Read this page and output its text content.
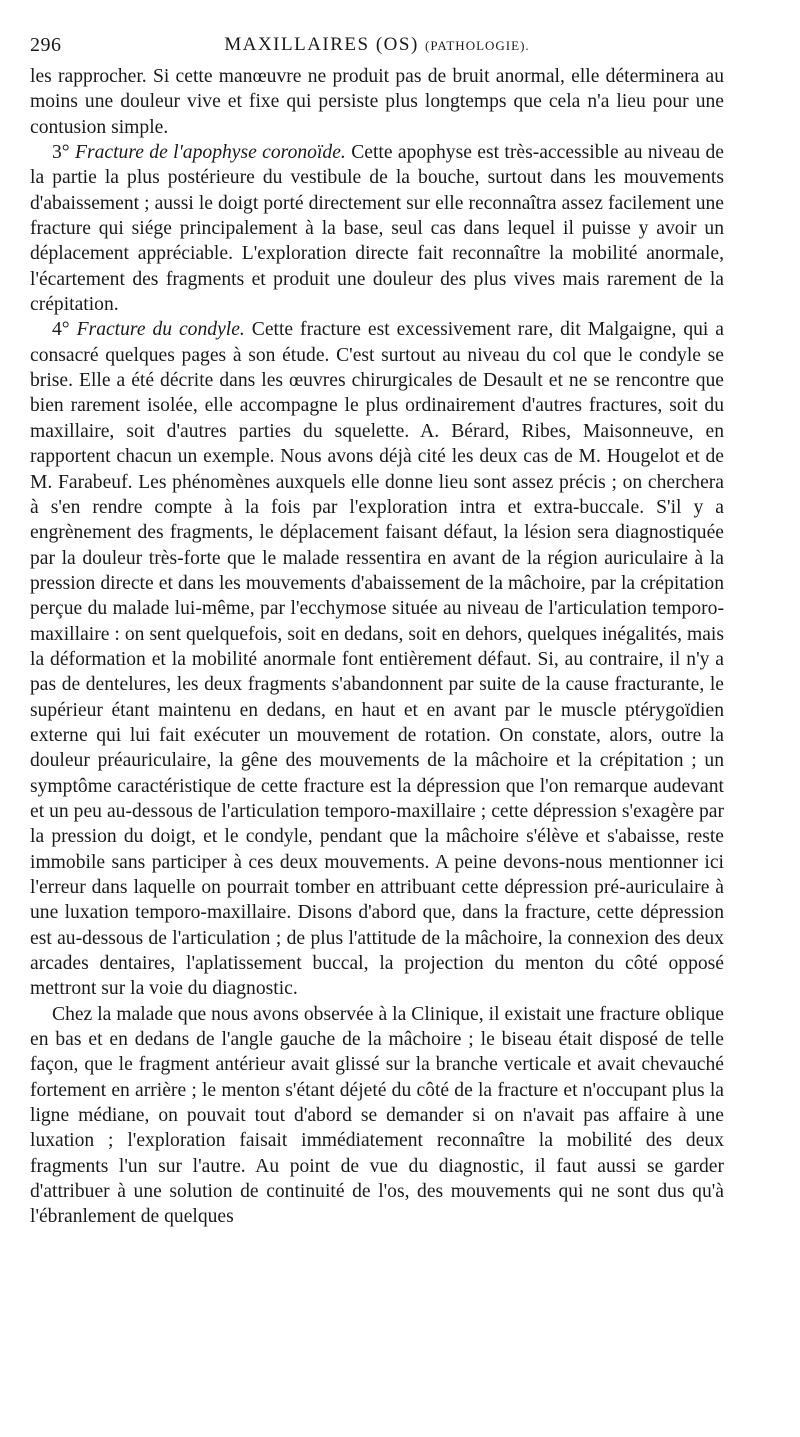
296	MAXILLAIRES (OS) (PATHOLOGIE).

les rapprocher. Si cette manœuvre ne produit pas de bruit anormal, elle déterminera au moins une douleur vive et fixe qui persiste plus longtemps que cela n'a lieu pour une contusion simple.

3° Fracture de l'apophyse coronoïde. Cette apophyse est très-accessible au niveau de la partie la plus postérieure du vestibule de la bouche, surtout dans les mouvements d'abaissement ; aussi le doigt porté directement sur elle reconnaîtra assez facilement une fracture qui siége principalement à la base, seul cas dans lequel il puisse y avoir un déplacement appréciable. L'exploration directe fait reconnaître la mobilité anormale, l'écartement des fragments et produit une douleur des plus vives mais rarement de la crépitation.

4° Fracture du condyle. Cette fracture est excessivement rare, dit Malgaigne, qui a consacré quelques pages à son étude. C'est surtout au niveau du col que le condyle se brise. Elle a été décrite dans les œuvres chirurgicales de Desault et ne se rencontre que bien rarement isolée, elle accompagne le plus ordinairement d'autres fractures, soit du maxillaire, soit d'autres parties du squelette. A. Bérard, Ribes, Maisonneuve, en rapportent chacun un exemple. Nous avons déjà cité les deux cas de M. Hougelot et de M. Farabeuf. Les phénomènes auxquels elle donne lieu sont assez précis ; on cherchera à s'en rendre compte à la fois par l'exploration intra et extra-buccale. S'il y a engrènement des fragments, le déplacement faisant défaut, la lésion sera diagnostiquée par la douleur très-forte que le malade ressentira en avant de la région auriculaire à la pression directe et dans les mouvements d'abaissement de la mâchoire, par la crépitation perçue du malade lui-même, par l'ecchymose située au niveau de l'articulation temporo-maxillaire : on sent quelquefois, soit en dedans, soit en dehors, quelques inégalités, mais la déformation et la mobilité anormale font entièrement défaut. Si, au contraire, il n'y a pas de dentelures, les deux fragments s'abandonnent par suite de la cause fracturante, le supérieur étant maintenu en dedans, en haut et en avant par le muscle ptérygoïdien externe qui lui fait exécuter un mouvement de rotation. On constate, alors, outre la douleur préauriculaire, la gêne des mouvements de la mâchoire et la crépitation ; un symptôme caractéristique de cette fracture est la dépression que l'on remarque audevant et un peu au-dessous de l'articulation temporo-maxillaire ; cette dépression s'exagère par la pression du doigt, et le condyle, pendant que la mâchoire s'élève et s'abaisse, reste immobile sans participer à ces deux mouvements. A peine devons-nous mentionner ici l'erreur dans laquelle on pourrait tomber en attribuant cette dépression pré-auriculaire à une luxation temporo-maxillaire. Disons d'abord que, dans la fracture, cette dépression est au-dessous de l'articulation ; de plus l'attitude de la mâchoire, la connexion des deux arcades dentaires, l'aplatissement buccal, la projection du menton du côté opposé mettront sur la voie du diagnostic.

Chez la malade que nous avons observée à la Clinique, il existait une fracture oblique en bas et en dedans de l'angle gauche de la mâchoire ; le biseau était disposé de telle façon, que le fragment antérieur avait glissé sur la branche verticale et avait chevauché fortement en arrière ; le menton s'étant déjeté du côté de la fracture et n'occupant plus la ligne médiane, on pouvait tout d'abord se demander si on n'avait pas affaire à une luxation ; l'exploration faisait immédiatement reconnaître la mobilité des deux fragments l'un sur l'autre. Au point de vue du diagnostic, il faut aussi se garder d'attribuer à une solution de continuité de l'os, des mouvements qui ne sont dus qu'à l'ébranlement de quelques
